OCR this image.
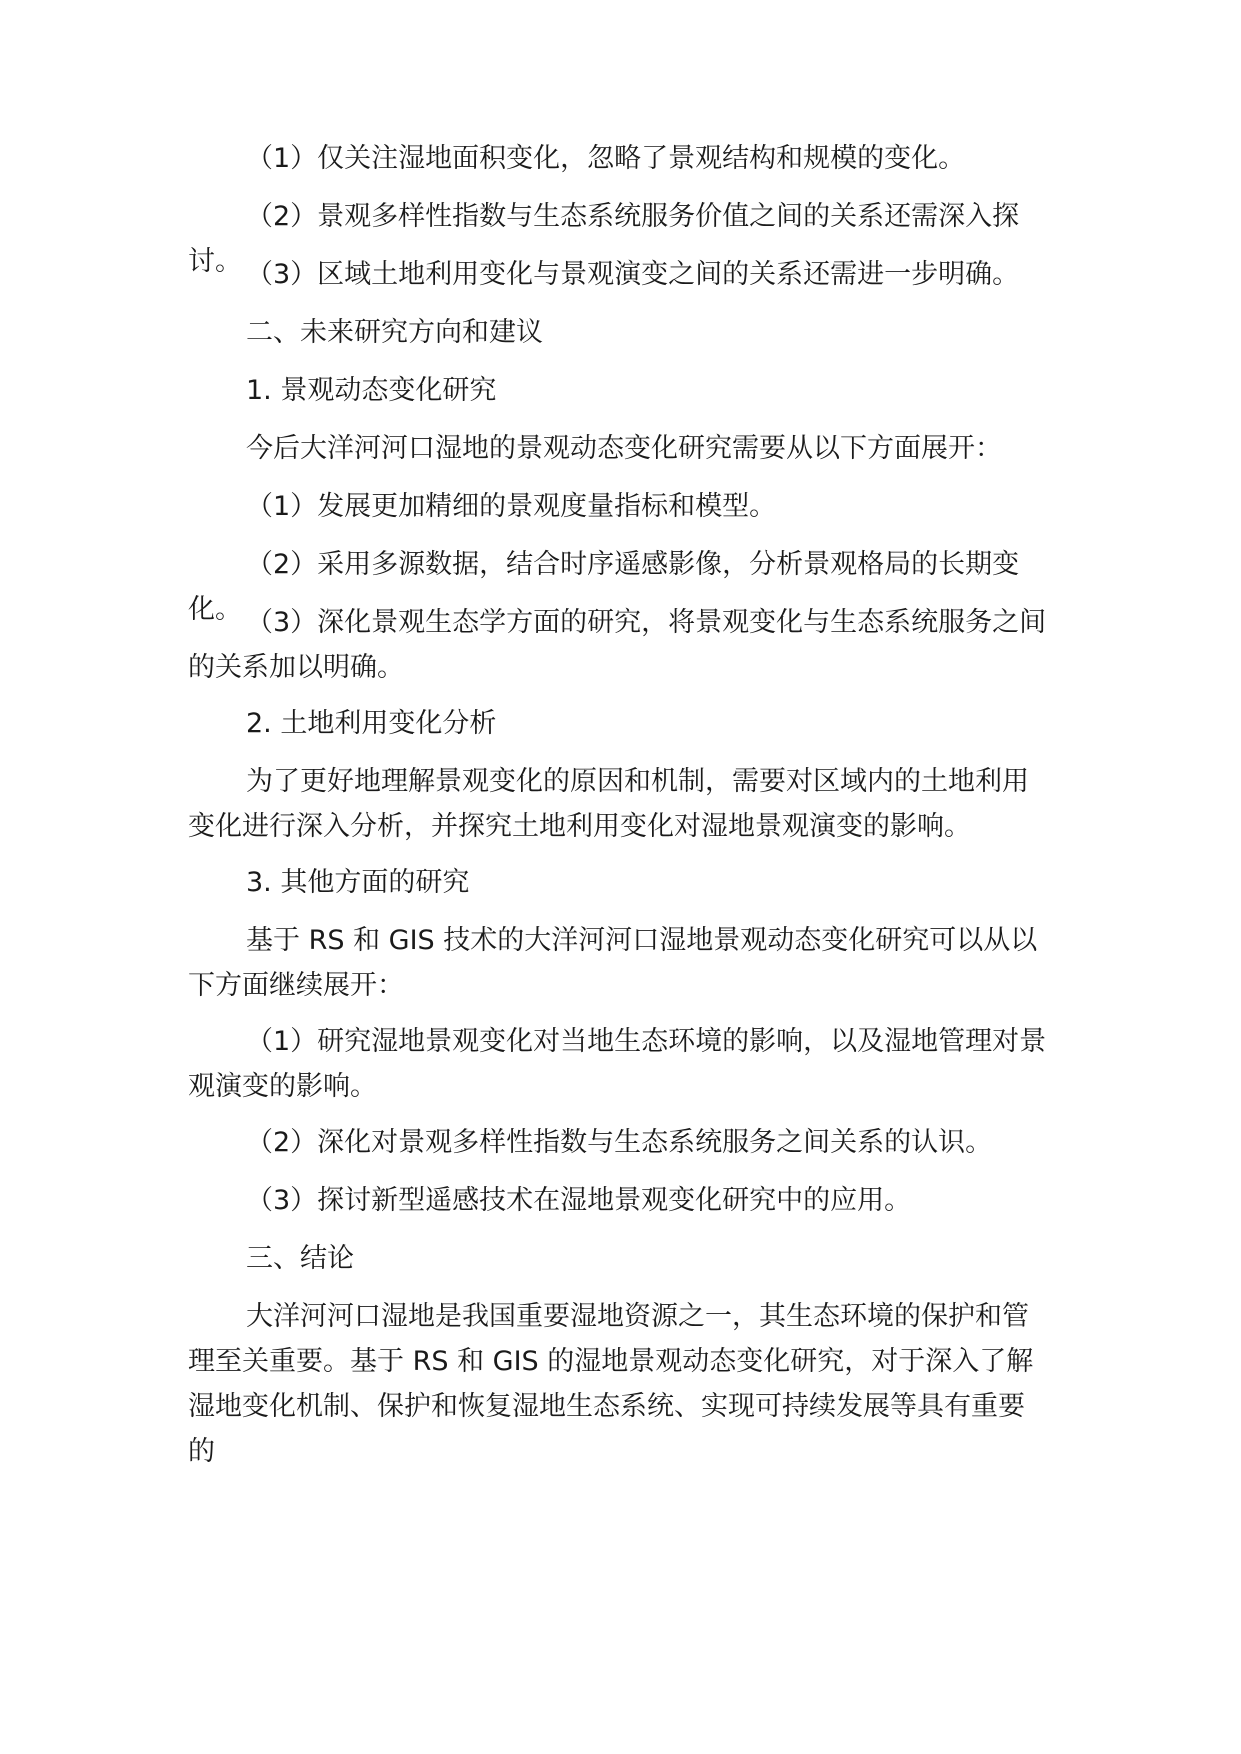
（1）仅关注湿地面积变化，忽略了景观结构和规模的变化。

（2）景观多样性指数与生态系统服务价值之间的关系还需深入探讨。 （3）区域土地利用变化与景观演变之间的关系还需进一步明确。

二、未来研究方向和建议

1. 景观动态变化研究

今后大洋河河口湿地的景观动态变化研究需要从以下方面展开：

（1）发展更加精细的景观度量指标和模型。

（2）采用多源数据，结合时序遥感影像，分析景观格局的长期变化。 （3）深化景观生态学方面的研究，将景观变化与生态系统服务之间的关系加以明确。

2. 土地利用变化分析

为了更好地理解景观变化的原因和机制，需要对区域内的土地利用变化进行深入分析，并探究土地利用变化对湿地景观演变的影响。

3. 其他方面的研究

基于 RS 和 GIS 技术的大洋河河口湿地景观动态变化研究可以从以下方面继续展开：

（1）研究湿地景观变化对当地生态环境的影响，以及湿地管理对景观演变的影响。

（2）深化对景观多样性指数与生态系统服务之间关系的认识。

（3）探讨新型遥感技术在湿地景观变化研究中的应用。

三、结论

大洋河河口湿地是我国重要湿地资源之一，其生态环境的保护和管理至关重要。基于 RS 和 GIS 的湿地景观动态变化研究，对于深入了解湿地变化机制、保护和恢复湿地生态系统、实现可持续发展等具有重要的
